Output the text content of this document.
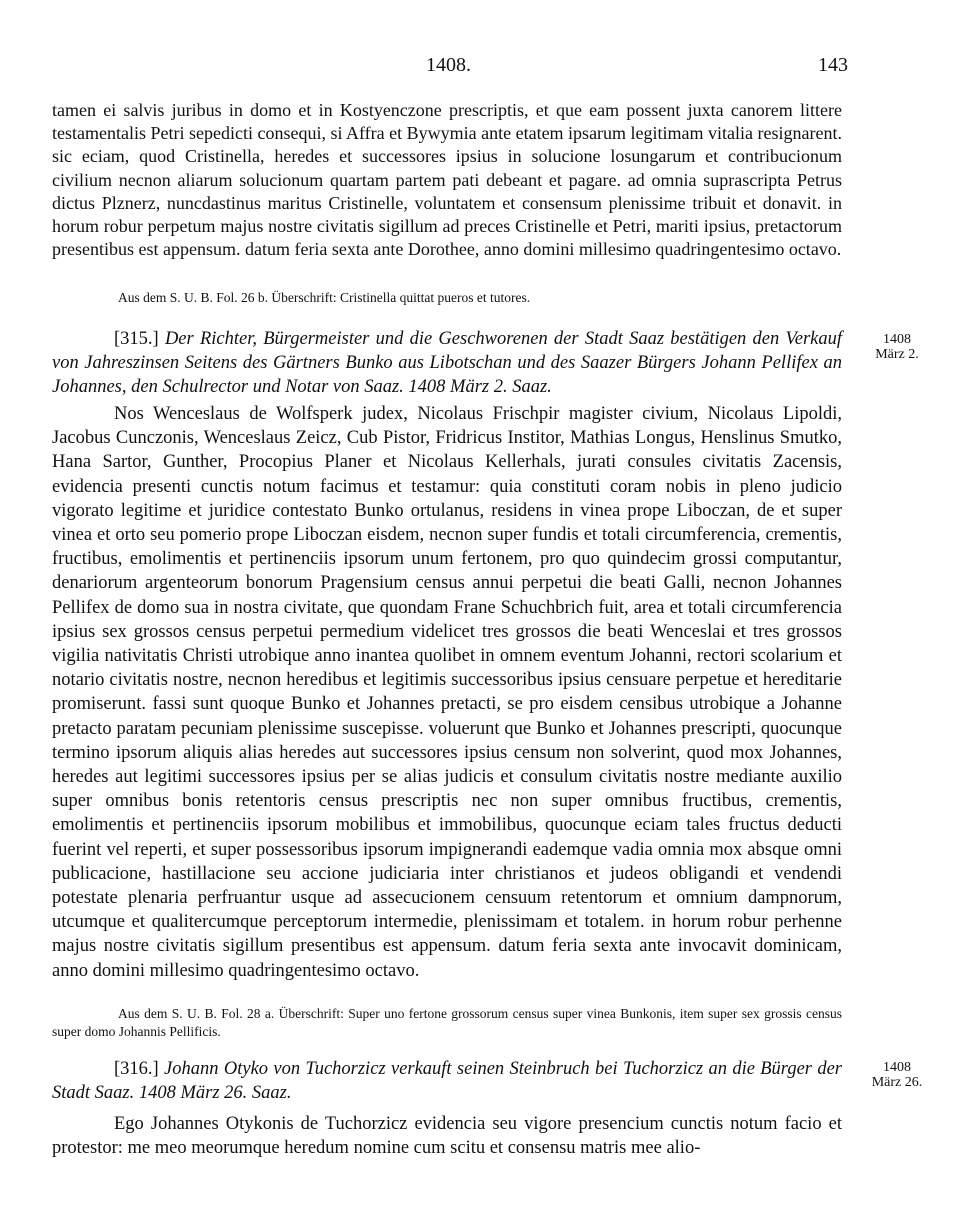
1408.	143
tamen ei salvis juribus in domo et in Kostyenczone prescriptis, et que eam possent juxta canorem littere testamentalis Petri sepedicti consequi, si Affra et Bywymia ante etatem ipsarum legitimam vitalia resignarent. sic eciam, quod Cristinella, heredes et successores ipsius in solucione losungarum et contribucionum civilium necnon aliarum solucionum quartam partem pati debeant et pagare. ad omnia suprascripta Petrus dictus Plznerz, nuncdastinus maritus Cristinelle, voluntatem et consensum plenissime tribuit et donavit. in horum robur perpetum majus nostre civitatis sigillum ad preces Cristinelle et Petri, mariti ipsius, pretactorum presentibus est appensum. datum feria sexta ante Dorothee, anno domini millesimo quadringentesimo octavo.
Aus dem S. U. B. Fol. 26 b. Überschrift: Cristinella quittat pueros et tutores.
[315.] Der Richter, Bürgermeister und die Geschworenen der Stadt Saaz bestätigen den Verkauf von Jahreszinsen Seitens des Gärtners Bunko aus Libotschan und des Saazer Bürgers Johann Pellifex an Johannes, den Schulrector und Notar von Saaz. 1408 März 2. Saaz.
1408
März 2.
Nos Wenceslaus de Wolfsperk judex, Nicolaus Frischpir magister civium, Nicolaus Lipoldi, Jacobus Cunczonis, Wenceslaus Zeicz, Cub Pistor, Fridricus Institor, Mathias Longus, Henslinus Smutko, Hana Sartor, Gunther, Procopius Planer et Nicolaus Kellerhals, jurati consules civitatis Zacensis, evidencia presenti cunctis notum facimus et testamur: quia constituti coram nobis in pleno judicio vigorato legitime et juridice contestato Bunko ortulanus, residens in vinea prope Liboczan, de et super vinea et orto seu pomerio prope Liboczan eisdem, necnon super fundis et totali circumferencia, crementis, fructibus, emolimentis et pertinenciis ipsorum unum fertonem, pro quo quindecim grossi computantur, denariorum argenteorum bonorum Pragensium census annui perpetui die beati Galli, necnon Johannes Pellifex de domo sua in nostra civitate, que quondam Frane Schuchbrich fuit, area et totali circumferencia ipsius sex grossos census perpetui permedium videlicet tres grossos die beati Wenceslai et tres grossos vigilia nativitatis Christi utrobique anno inantea quolibet in omnem eventum Johanni, rectori scolarium et notario civitatis nostre, necnon heredibus et legitimis successoribus ipsius censuare perpetue et hereditarie promiserunt. fassi sunt quoque Bunko et Johannes pretacti, se pro eisdem censibus utrobique a Johanne pretacto paratam pecuniam plenissime suscepisse. voluerunt que Bunko et Johannes prescripti, quocunque termino ipsorum aliquis alias heredes aut successores ipsius censum non solverint, quod mox Johannes, heredes aut legitimi successores ipsius per se alias judicis et consulum civitatis nostre mediante auxilio super omnibus bonis retentoris census prescriptis nec non super omnibus fructibus, crementis, emolimentis et pertinenciis ipsorum mobilibus et immobilibus, quocunque eciam tales fructus deducti fuerint vel reperti, et super possessoribus ipsorum impignerandi eademque vadia omnia mox absque omni publicacione, hastillacione seu accione judiciaria inter christianos et judeos obligandi et vendendi potestate plenaria perfruantur usque ad assecucionem censuum retentorum et omnium dampnorum, utcumque et qualitercumque perceptorum intermedie, plenissimam et totalem. in horum robur perhenne majus nostre civitatis sigillum presentibus est appensum. datum feria sexta ante invocavit dominicam, anno domini millesimo quadringentesimo octavo.
Aus dem S. U. B. Fol. 28 a. Überschrift: Super uno fertone grossorum census super vinea Bunkonis, item super sex grossis census super domo Johannis Pellificis.
[316.] Johann Otyko von Tuchorzicz verkauft seinen Steinbruch bei Tuchorzicz an die Bürger der Stadt Saaz. 1408 März 26. Saaz.
1408
März 26.
Ego Johannes Otykonis de Tuchorzicz evidencia seu vigore presencium cunctis notum facio et protestor: me meo meorumque heredum nomine cum scitu et consensu matris mee alio-
